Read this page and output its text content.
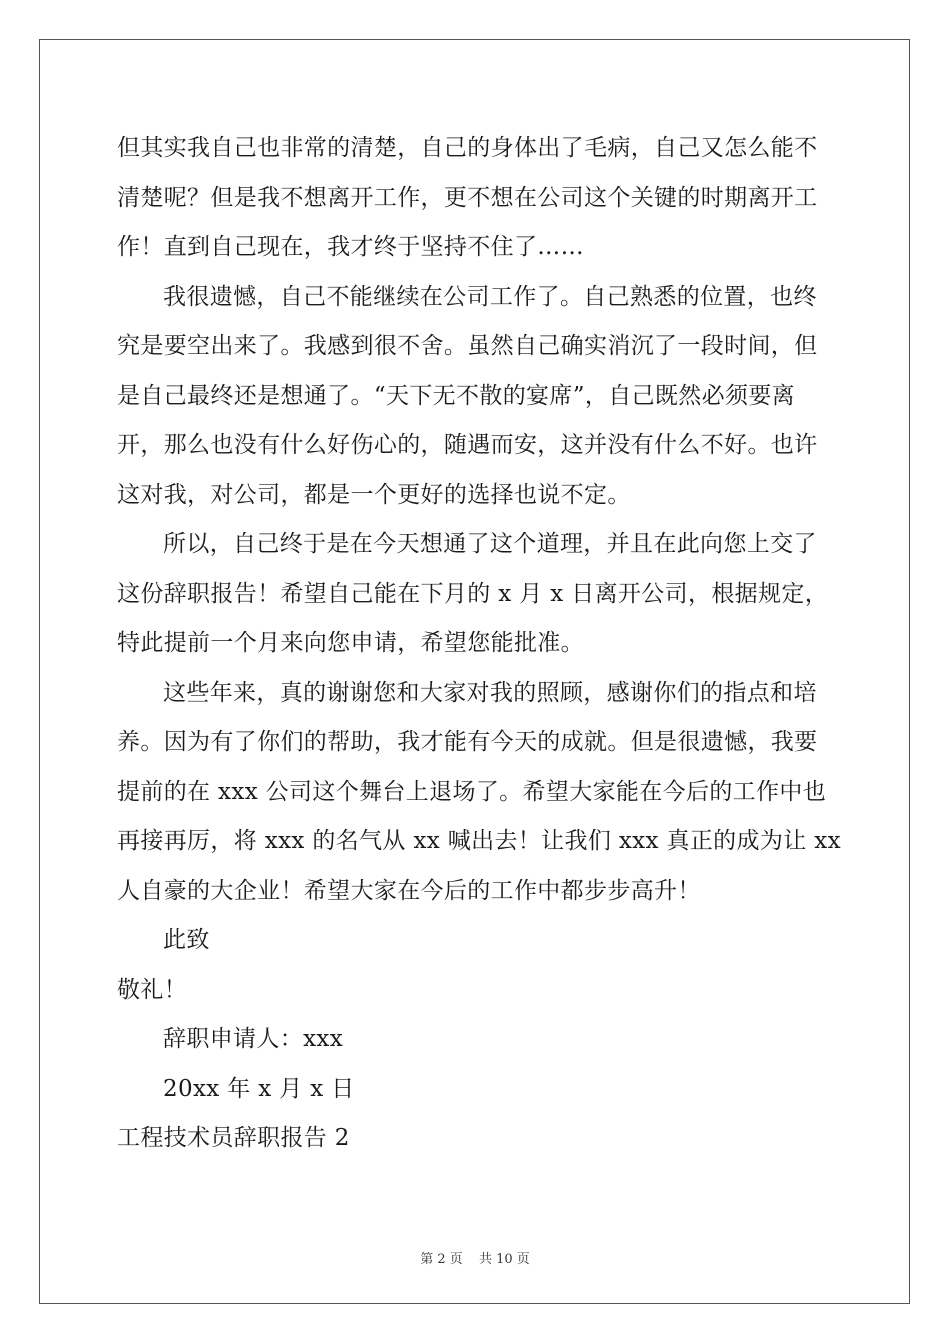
但其实我自己也非常的清楚，自己的身体出了毛病，自己又怎么能不
清楚呢？但是我不想离开工作，更不想在公司这个关键的时期离开工
作！直到自己现在，我才终于坚持不住了……
我很遗憾，自己不能继续在公司工作了。自己熟悉的位置，也终
究是要空出来了。我感到很不舍。虽然自己确实消沉了一段时间，但
是自己最终还是想通了。“天下无不散的宴席”，自己既然必须要离
开，那么也没有什么好伤心的，随遇而安，这并没有什么不好。也许
这对我，对公司，都是一个更好的选择也说不定。
所以，自己终于是在今天想通了这个道理，并且在此向您上交了
这份辞职报告！希望自己能在下月的 x 月 x 日离开公司，根据规定，
特此提前一个月来向您申请，希望您能批准。
这些年来，真的谢谢您和大家对我的照顾，感谢你们的指点和培
养。因为有了你们的帮助，我才能有今天的成就。但是很遗憾，我要
提前的在 xxx 公司这个舞台上退场了。希望大家能在今后的工作中也
再接再厉，将 xxx 的名气从 xx 喊出去！让我们 xxx 真正的成为让 xx
人自豪的大企业！希望大家在今后的工作中都步步高升！
此致
敬礼！
辞职申请人：xxx
20xx 年 x 月 x 日
工程技术员辞职报告 2
第 2 页 共 10 页
